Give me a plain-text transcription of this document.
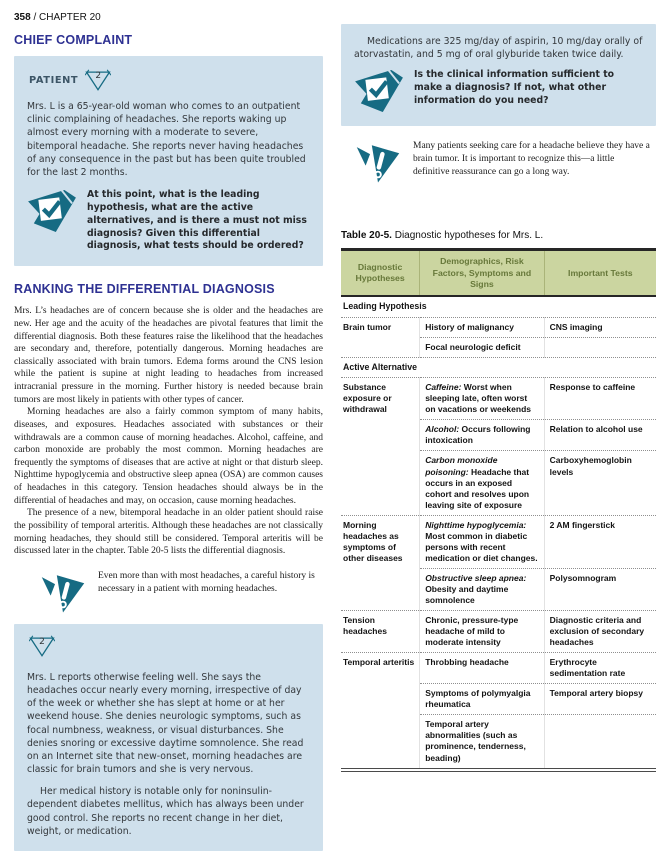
358 / CHAPTER 20
CHIEF COMPLAINT
PATIENT	2

Mrs. L is a 65-year-old woman who comes to an outpatient clinic complaining of headaches. She reports waking up almost every morning with a moderate to severe, bitemporal headache. She reports never having headaches of any consequence in the past but has been quite troubled for the last 2 months.

At this point, what is the leading hypothesis, what are the active alternatives, and is there a must not miss diagnosis? Given this differential diagnosis, what tests should be ordered?
RANKING THE DIFFERENTIAL DIAGNOSIS

Mrs. L’s headaches are of concern because she is older and the headaches are new. Her age and the acuity of the headaches are pivotal features that limit the differential diagnosis. Both these features raise the likelihood that the headaches are secondary and, therefore, potentially dangerous. Morning headaches are classically associated with brain tumors. Edema forms around the CNS lesion while the patient is supine at night leading to headaches from increased intracranial pressure in the morning. Further history is needed because brain tumors are most likely in patients with other types of cancer.

Morning headaches are also a fairly common symptom of many habits, diseases, and exposures. Headaches associated with substances or their withdrawals are a common cause of morning headaches. Alcohol, caffeine, and carbon monoxide are probably the most common. Morning headaches are frequently the symptoms of diseases that are active at night or that disturb sleep. Nighttime hypoglycemia and obstructive sleep apnea (OSA) are common causes of headaches in this category. Tension headaches should always be in the differential of headaches and may, on occasion, cause morning headaches.

The presence of a new, bitemporal headache in an older patient should raise the possibility of temporal arteritis. Although these headaches are not classically morning headaches, they should still be considered. Temporal arteritis will be discussed later in the chapter. Table 20-5 lists the differential diagnosis.

Even more than with most headaches, a careful history is necessary in a patient with morning headaches.
2

Mrs. L reports otherwise feeling well. She says the headaches occur nearly every morning, irrespective of day of the week or whether she has slept at home or at her weekend house. She denies neurologic symptoms, such as focal numbness, weakness, or visual disturbances. She denies snoring or excessive daytime somnolence. She read on an Internet site that new-onset, morning headaches are classic for brain tumors and she is very nervous.

Her medical history is notable only for noninsulin-dependent diabetes mellitus, which has always been under good control. She reports no recent change in her diet, weight, or medication.

Medications are 325 mg/day of aspirin, 10 mg/day orally of atorvastatin, and 5 mg of oral glyburide taken twice daily.

Is the clinical information sufficient to make a diagnosis? If not, what other information do you need?
Many patients seeking care for a headache believe they have a brain tumor. It is important to recognize this—a little definitive reassurance can go a long way.
Table 20-5. Diagnostic hypotheses for Mrs. L.
Diagnostic Hypotheses	Demographics, Risk Factors, Symptoms and Signs	Important Tests
Leading Hypothesis		
Brain tumor	History of malignancy	CNS imaging
	Focal neurologic deficit	
Active Alternative		
Substance exposure or withdrawal	Caffeine: Worst when sleeping late, often worst on vacations or weekends	Response to caffeine
	Alcohol: Occurs following intoxication	Relation to alcohol use
	Carbon monoxide poisoning: Headache that occurs in an exposed cohort and resolves upon leaving site of exposure	Carboxyhemoglobin levels
Morning headaches as symptoms of other diseases	Nighttime hypoglycemia: Most common in diabetic persons with recent medication or diet changes.	2 AM fingerstick
	Obstructive sleep apnea: Obesity and daytime somnolence	Polysomnogram
Tension headaches	Chronic, pressure-type headache of mild to moderate intensity	Diagnostic criteria and exclusion of secondary headaches
Temporal arteritis	Throbbing headache	Erythrocyte sedimentation rate
	Symptoms of polymyalgia rheumatica	Temporal artery biopsy
	Temporal artery abnormalities (such as prominence, tenderness, beading)	
